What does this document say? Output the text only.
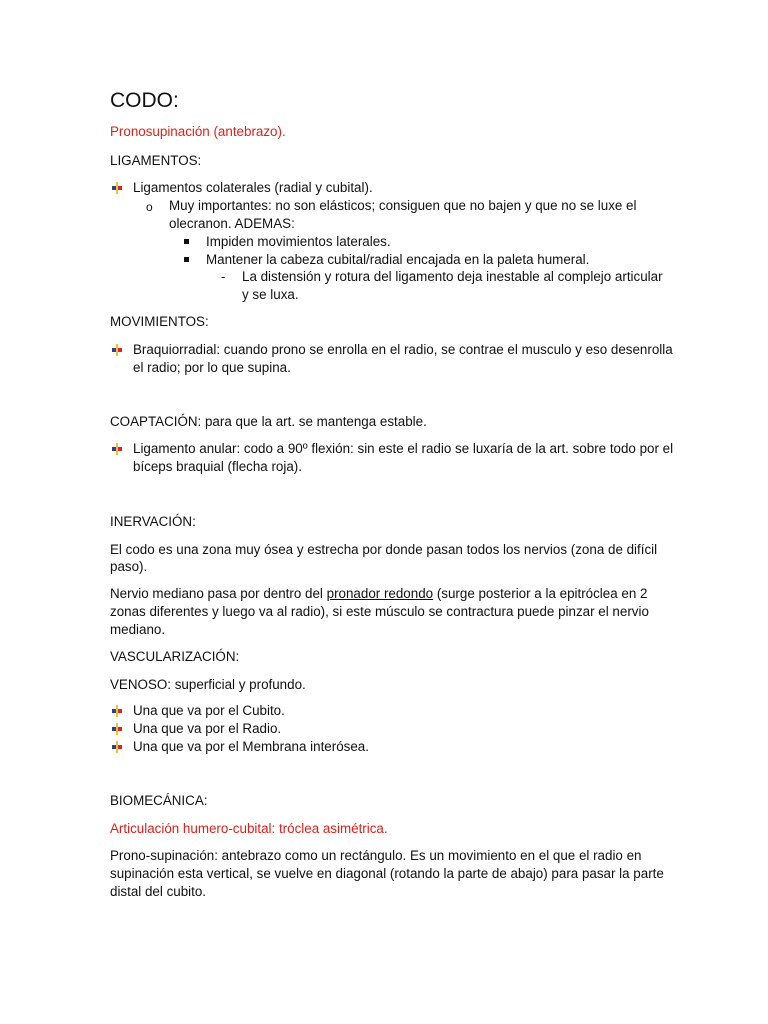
CODO:
Pronosupinación (antebrazo).
LIGAMENTOS:
Ligamentos colaterales (radial y cubital).
o Muy importantes: no son elásticos; consiguen que no bajen y que no se luxe el
olecranon. ADEMAS:
Impiden movimientos laterales.
Mantener la cabeza cubital/radial encajada en la paleta humeral.
- La distensión y rotura del ligamento deja inestable al complejo articular
y se luxa.
MOVIMIENTOS:
Braquiorradial: cuando prono se enrolla en el radio, se contrae el musculo y eso desenrolla
el radio; por lo que supina.
COAPTACIÓN: para que la art. se mantenga estable.
Ligamento anular: codo a 90º flexión: sin este el radio se luxaría de la art. sobre todo por el
bíceps braquial (flecha roja).
INERVACIÓN:
El codo es una zona muy ósea y estrecha por donde pasan todos los nervios (zona de difícil
paso).
Nervio mediano pasa por dentro del pronador redondo (surge posterior a la epitróclea en 2
zonas diferentes y luego va al radio), si este músculo se contractura puede pinzar el nervio
mediano.
VASCULARIZACIÓN:
VENOSO: superficial y profundo.
Una que va por el Cubito.
Una que va por el Radio.
Una que va por el Membrana interósea.
BIOMECÁNICA:
Articulación humero-cubital: tróclea asimétrica.
Prono-supinación: antebrazo como un rectángulo. Es un movimiento en el que el radio en
supinación esta vertical, se vuelve en diagonal (rotando la parte de abajo) para pasar la parte
distal del cubito.
